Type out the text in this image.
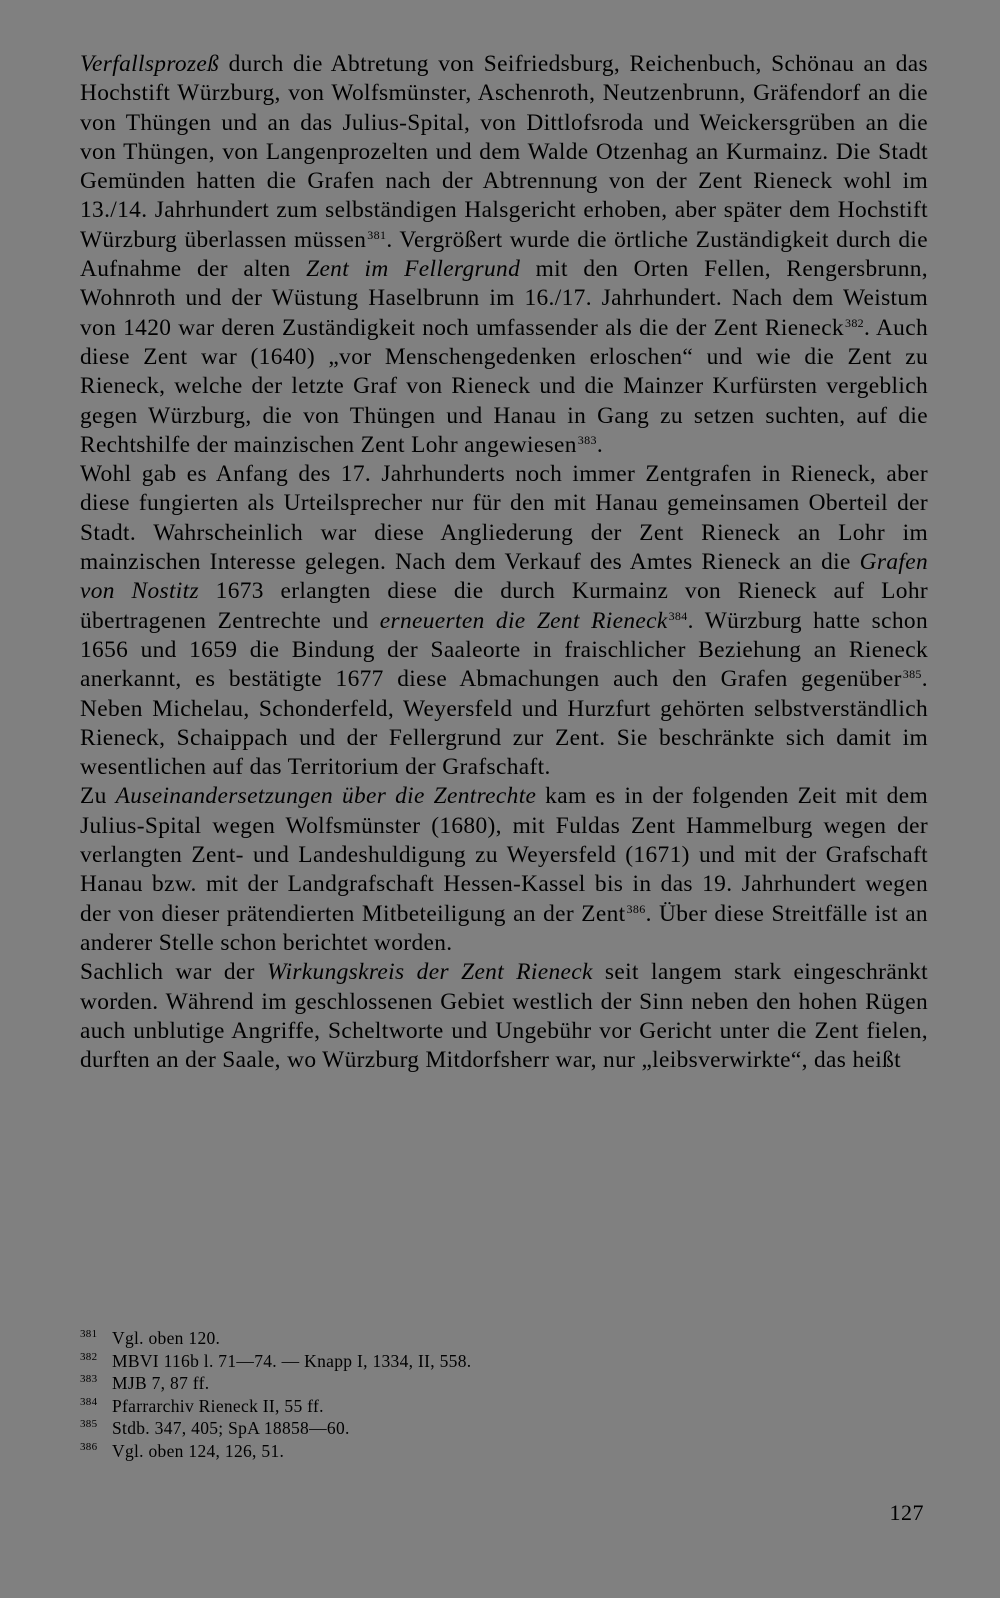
Verfallsprozeß durch die Abtretung von Seifriedsburg, Reichenbuch, Schönau an das Hochstift Würzburg, von Wolfsmünster, Aschenroth, Neutzenbrunn, Gräfendorf an die von Thüngen und an das Julius-Spital, von Dittlofsroda und Weickersgrüben an die von Thüngen, von Langenprozelten und dem Walde Otzenhag an Kurmainz. Die Stadt Gemünden hatten die Grafen nach der Abtrennung von der Zent Rieneck wohl im 13./14. Jahrhundert zum selbständigen Halsgericht erhoben, aber später dem Hochstift Würzburg überlassen müssen$^{381}$. Vergrößert wurde die örtliche Zuständigkeit durch die Aufnahme der alten Zent im Fellergrund mit den Orten Fellen, Rengersbrunn, Wohnroth und der Wüstung Haselbrunn im 16./17. Jahrhundert. Nach dem Weistum von 1420 war deren Zuständigkeit noch umfassender als die der Zent Rieneck$^{382}$. Auch diese Zent war (1640) „vor Menschengedenken erloschen“ und wie die Zent zu Rieneck, welche der letzte Graf von Rieneck und die Mainzer Kurfürsten vergeblich gegen Würzburg, die von Thüngen und Hanau in Gang zu setzen suchten, auf die Rechtshilfe der mainzischen Zent Lohr angewiesen$^{383}$.

Wohl gab es Anfang des 17. Jahrhunderts noch immer Zentgrafen in Rieneck, aber diese fungierten als Urteilsprecher nur für den mit Hanau gemeinsamen Oberteil der Stadt. Wahrscheinlich war diese Angliederung der Zent Rieneck an Lohr im mainzischen Interesse gelegen. Nach dem Verkauf des Amtes Rieneck an die Grafen von Nostitz 1673 erlangten diese die durch Kurmainz von Rieneck auf Lohr übertragenen Zentrechte und erneuerten die Zent Rieneck$^{384}$. Würzburg hatte schon 1656 und 1659 die Bindung der Saaleorte in fraischlicher Beziehung an Rieneck anerkannt, es bestätigte 1677 diese Abmachungen auch den Grafen gegenüber$^{385}$. Neben Michelau, Schonderfeld, Weyersfeld und Hurzfurt gehörten selbstverständlich Rieneck, Schaippach und der Fellergrund zur Zent. Sie beschränkte sich damit im wesentlichen auf das Territorium der Grafschaft.

Zu Auseinandersetzungen über die Zentrechte kam es in der folgenden Zeit mit dem Julius-Spital wegen Wolfsmünster (1680), mit Fuldas Zent Hammelburg wegen der verlangten Zent- und Landeshuldigung zu Weyersfeld (1671) und mit der Grafschaft Hanau bzw. mit der Landgrafschaft Hessen-Kassel bis in das 19. Jahrhundert wegen der von dieser prätendierten Mitbeteiligung an der Zent$^{386}$. Über diese Streitfälle ist an anderer Stelle schon berichtet worden.

Sachlich war der Wirkungskreis der Zent Rieneck seit langem stark eingeschränkt worden. Während im geschlossenen Gebiet westlich der Sinn neben den hohen Rügen auch unblutige Angriffe, Scheltworte und Ungebühr vor Gericht unter die Zent fielen, durften an der Saale, wo Würzburg Mitdorfsherr war, nur „leibsverwirkte“, das heißt

381 Vgl. oben 120.
382 MBVI 116b l. 71—74. — Knapp I, 1334, II, 558.
383 MJB 7, 87 ff.
384 Pfarrarchiv Rieneck II, 55 ff.
385 Stdb. 347, 405; SpA 18858—60.
386 Vgl. oben 124, 126, 51.
127
